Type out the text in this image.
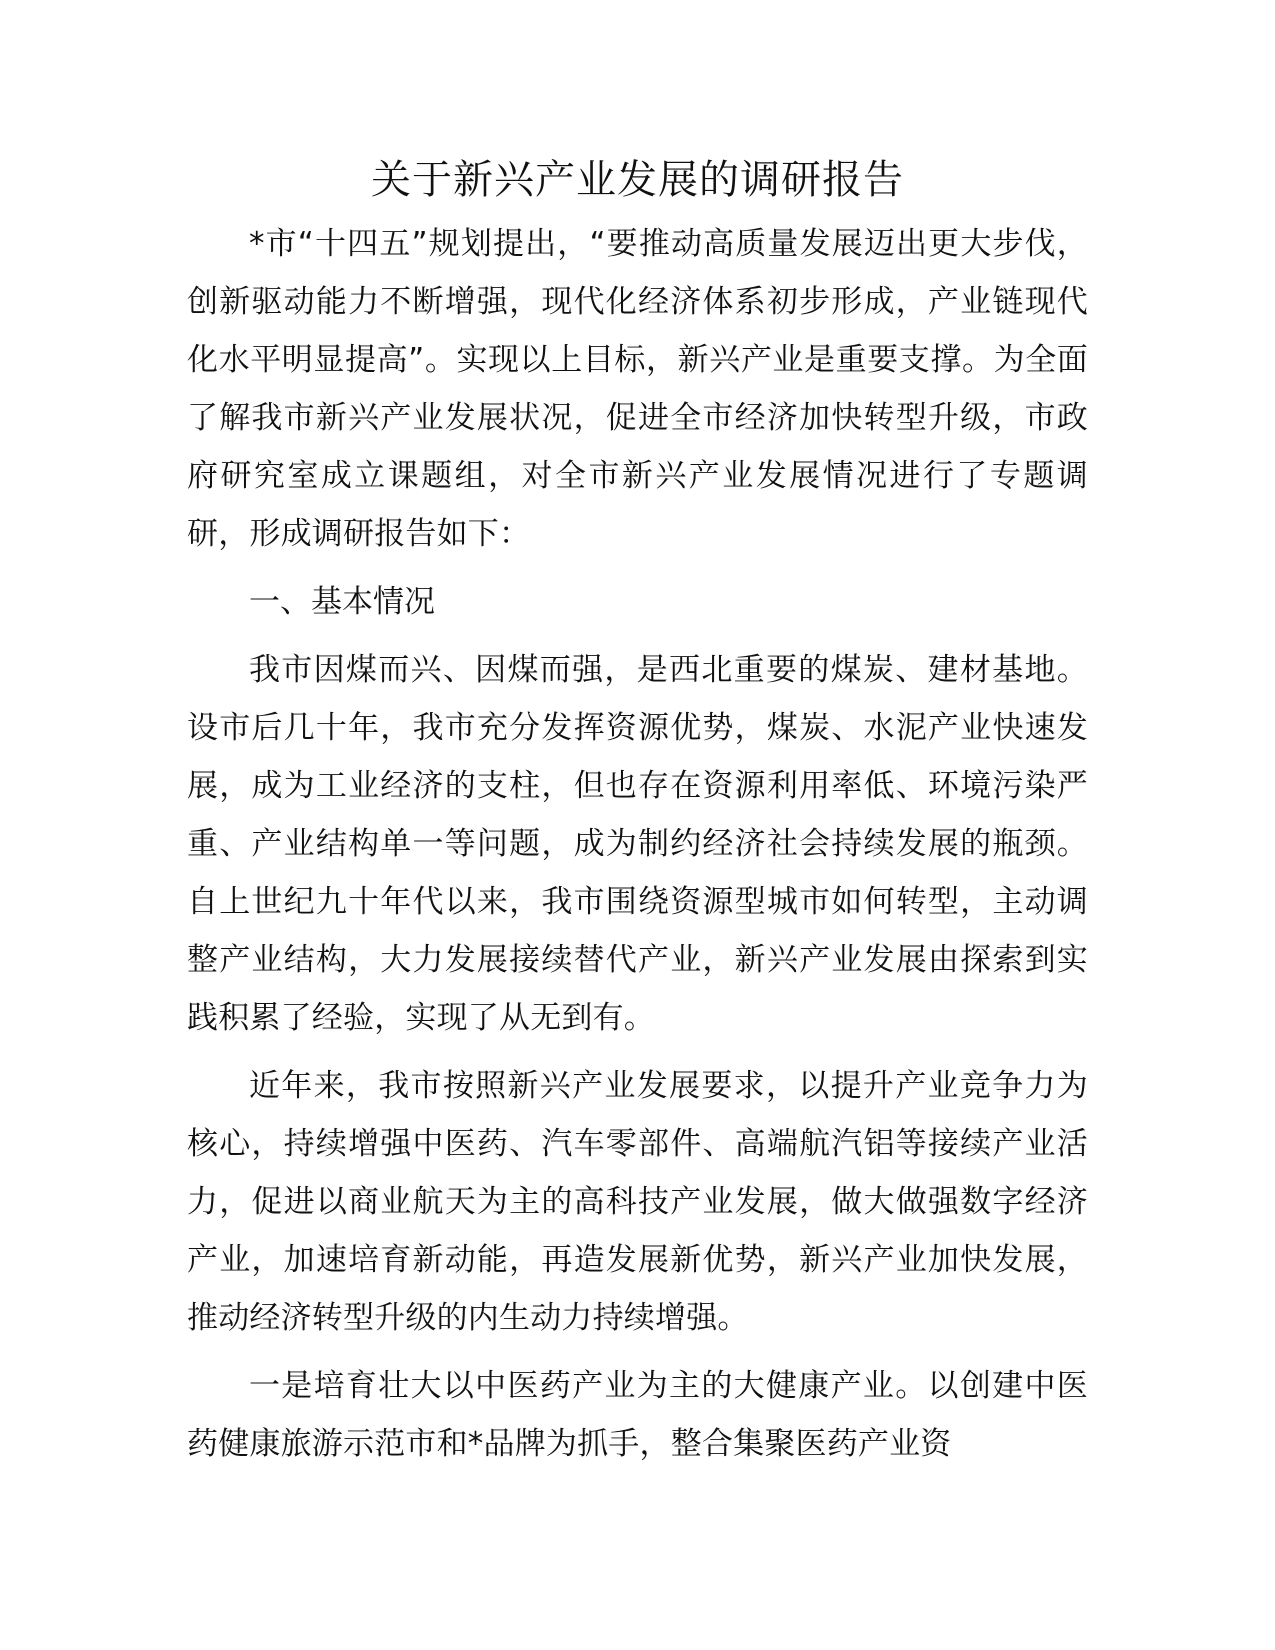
关于新兴产业发展的调研报告

*市“十四五”规划提出，“要推动高质量发展迈出更大步伐，创新驱动能力不断增强，现代化经济体系初步形成，产业链现代化水平明显提高”。实现以上目标，新兴产业是重要支撑。为全面了解我市新兴产业发展状况，促进全市经济加快转型升级，市政府研究室成立课题组，对全市新兴产业发展情况进行了专题调研，形成调研报告如下：

一、基本情况

我市因煤而兴、因煤而强，是西北重要的煤炭、建材基地。设市后几十年，我市充分发挥资源优势，煤炭、水泥产业快速发展，成为工业经济的支柱，但也存在资源利用率低、环境污染严重、产业结构单一等问题，成为制约经济社会持续发展的瓶颈。自上世纪九十年代以来，我市围绕资源型城市如何转型，主动调整产业结构，大力发展接续替代产业，新兴产业发展由探索到实践积累了经验，实现了从无到有。

近年来，我市按照新兴产业发展要求，以提升产业竞争力为核心，持续增强中医药、汽车零部件、高端航汽铝等接续产业活力，促进以商业航天为主的高科技产业发展，做大做强数字经济产业，加速培育新动能，再造发展新优势，新兴产业加快发展，推动经济转型升级的内生动力持续增强。

一是培育壮大以中医药产业为主的大健康产业。以创建中医药健康旅游示范市和*品牌为抓手，整合集聚医药产业资
